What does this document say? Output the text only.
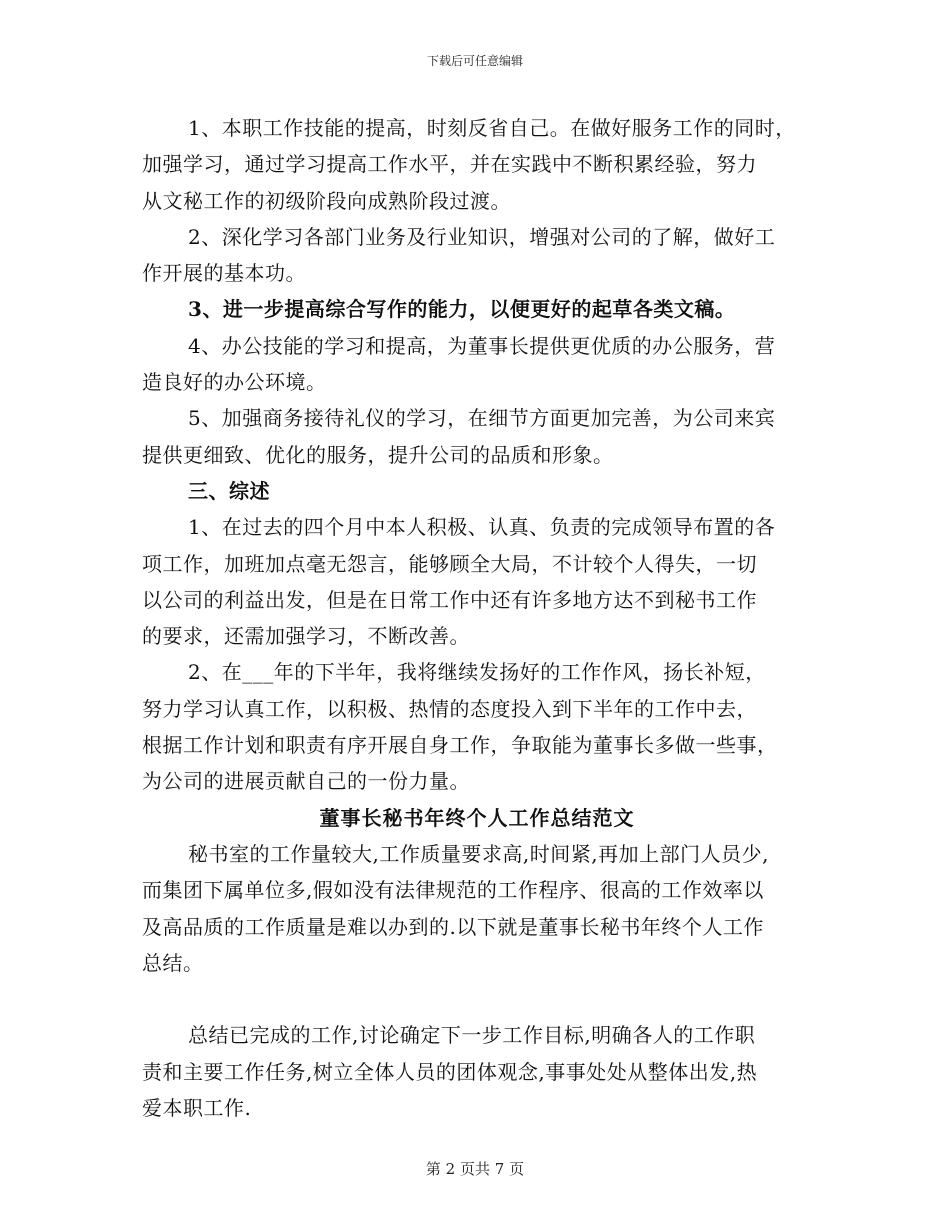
下载后可任意编辑
1、本职工作技能的提高，时刻反省自己。在做好服务工作的同时，
加强学习，通过学习提高工作水平，并在实践中不断积累经验，努力
从文秘工作的初级阶段向成熟阶段过渡。
2、深化学习各部门业务及行业知识，增强对公司的了解，做好工
作开展的基本功。
3、进一步提高综合写作的能力，以便更好的起草各类文稿。
4、办公技能的学习和提高，为董事长提供更优质的办公服务，营
造良好的办公环境。
5、加强商务接待礼仪的学习，在细节方面更加完善，为公司来宾
提供更细致、优化的服务，提升公司的品质和形象。
三、综述
1、在过去的四个月中本人积极、认真、负责的完成领导布置的各
项工作，加班加点毫无怨言，能够顾全大局，不计较个人得失，一切
以公司的利益出发，但是在日常工作中还有许多地方达不到秘书工作
的要求，还需加强学习，不断改善。
2、在___年的下半年，我将继续发扬好的工作作风，扬长补短，
努力学习认真工作，以积极、热情的态度投入到下半年的工作中去，
根据工作计划和职责有序开展自身工作，争取能为董事长多做一些事，
为公司的进展贡献自己的一份力量。
董事长秘书年终个人工作总结范文
秘书室的工作量较大,工作质量要求高,时间紧,再加上部门人员少,
而集团下属单位多,假如没有法律规范的工作程序、很高的工作效率以
及高品质的工作质量是难以办到的.以下就是董事长秘书年终个人工作
总结。
总结已完成的工作,讨论确定下一步工作目标,明确各人的工作职
责和主要工作任务,树立全体人员的团体观念,事事处处从整体出发,热
爱本职工作.
第 2 页共 7 页
